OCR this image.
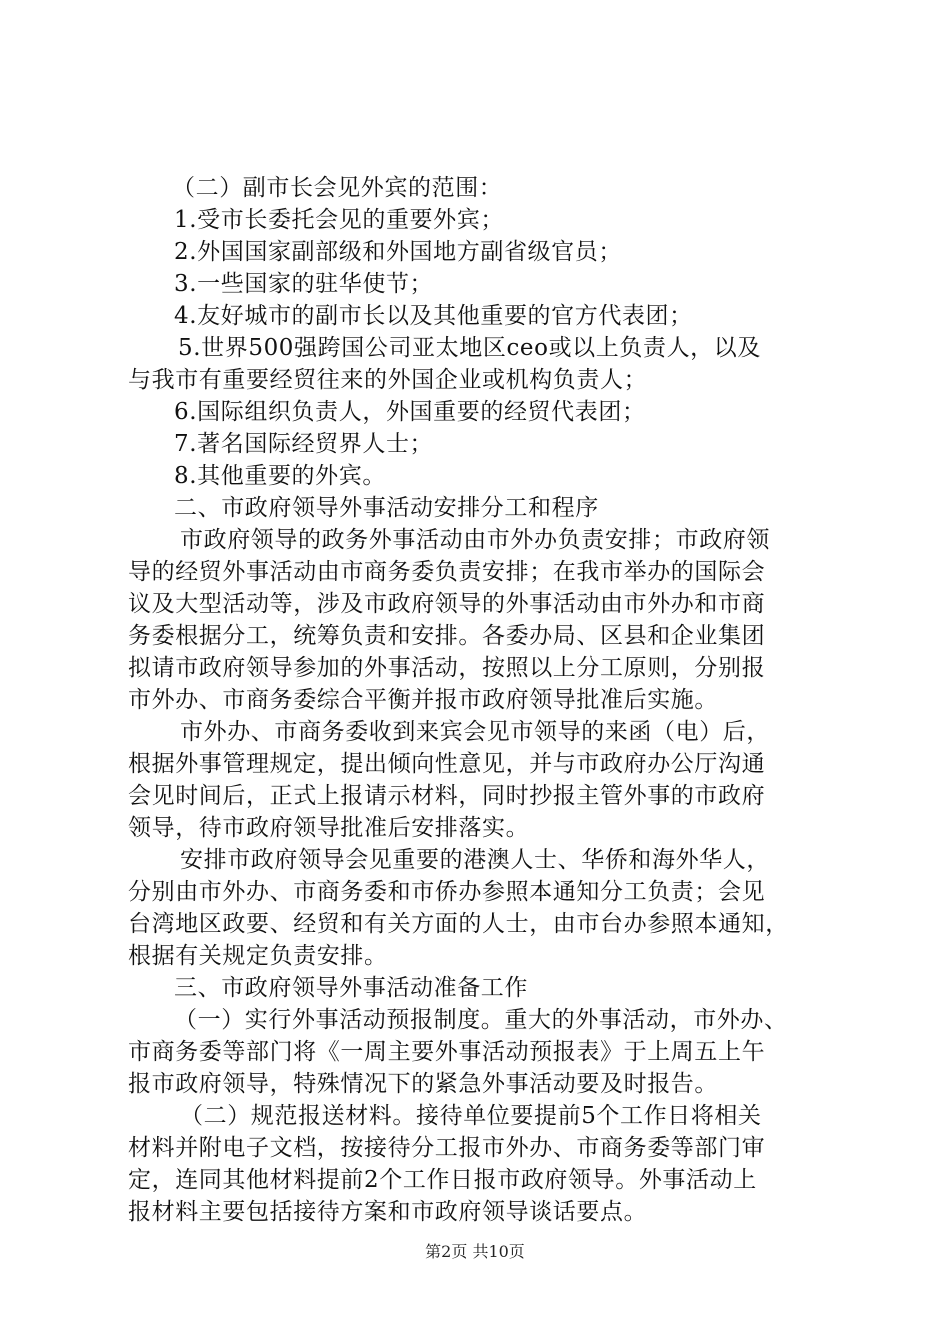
（二）副市长会见外宾的范围：
1.受市长委托会见的重要外宾；
2.外国国家副部级和外国地方副省级官员；
3.一些国家的驻华使节；
4.友好城市的副市长以及其他重要的官方代表团；
5.世界500强跨国公司亚太地区ceo或以上负责人，以及
与我市有重要经贸往来的外国企业或机构负责人；
6.国际组织负责人，外国重要的经贸代表团；
7.著名国际经贸界人士；
8.其他重要的外宾。
二、市政府领导外事活动安排分工和程序
市政府领导的政务外事活动由市外办负责安排；市政府领
导的经贸外事活动由市商务委负责安排；在我市举办的国际会
议及大型活动等，涉及市政府领导的外事活动由市外办和市商
务委根据分工，统筹负责和安排。各委办局、区县和企业集团
拟请市政府领导参加的外事活动，按照以上分工原则，分别报
市外办、市商务委综合平衡并报市政府领导批准后实施。
市外办、市商务委收到来宾会见市领导的来函（电）后，
根据外事管理规定，提出倾向性意见，并与市政府办公厅沟通
会见时间后，正式上报请示材料，同时抄报主管外事的市政府
领导，待市政府领导批准后安排落实。
安排市政府领导会见重要的港澳人士、华侨和海外华人，
分别由市外办、市商务委和市侨办参照本通知分工负责；会见
台湾地区政要、经贸和有关方面的人士，由市台办参照本通知，
根据有关规定负责安排。
三、市政府领导外事活动准备工作
（一）实行外事活动预报制度。重大的外事活动，市外办、
市商务委等部门将《一周主要外事活动预报表》于上周五上午
报市政府领导，特殊情况下的紧急外事活动要及时报告。
（二）规范报送材料。接待单位要提前5个工作日将相关
材料并附电子文档，按接待分工报市外办、市商务委等部门审
定，连同其他材料提前2个工作日报市政府领导。外事活动上
报材料主要包括接待方案和市政府领导谈话要点。
第2页 共10页
